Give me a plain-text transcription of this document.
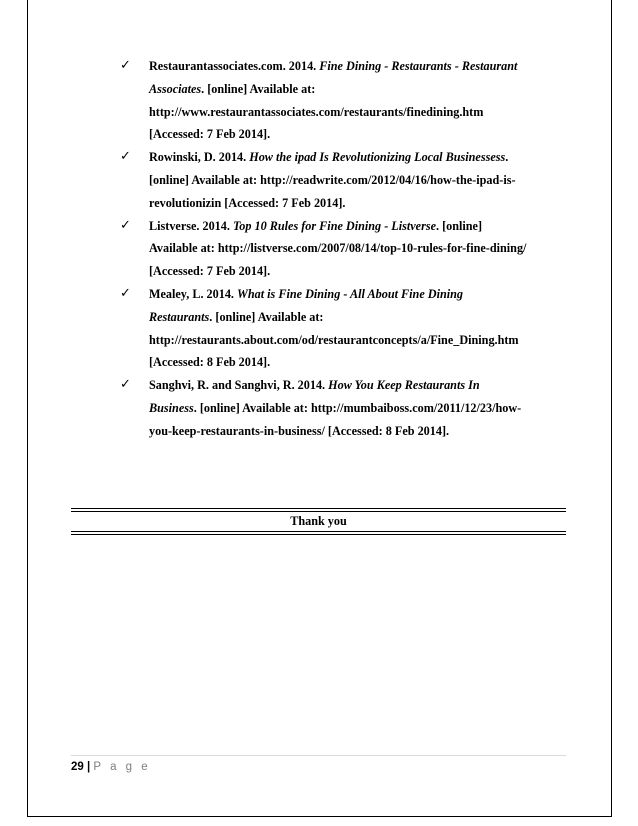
✓ Restaurantassociates.com. 2014. Fine Dining - Restaurants - Restaurant
Associates. [online] Available at:
http://www.restaurantassociates.com/restaurants/finedining.htm
[Accessed: 7 Feb 2014].
✓ Rowinski, D. 2014. How the ipad Is Revolutionizing Local Businessess.
[online] Available at: http://readwrite.com/2012/04/16/how-the-ipad-is-
revolutionizin [Accessed: 7 Feb 2014].
✓ Listverse. 2014. Top 10 Rules for Fine Dining - Listverse. [online]
Available at: http://listverse.com/2007/08/14/top-10-rules-for-fine-dining/
[Accessed: 7 Feb 2014].
✓ Mealey, L. 2014. What is Fine Dining - All About Fine Dining
Restaurants. [online] Available at:
http://restaurants.about.com/od/restaurantconcepts/a/Fine_Dining.htm
[Accessed: 8 Feb 2014].
✓ Sanghvi, R. and Sanghvi, R. 2014. How You Keep Restaurants In
Business. [online] Available at: http://mumbaiboss.com/2011/12/23/how-
you-keep-restaurants-in-business/ [Accessed: 8 Feb 2014].
Thank you
29 | P a g e
